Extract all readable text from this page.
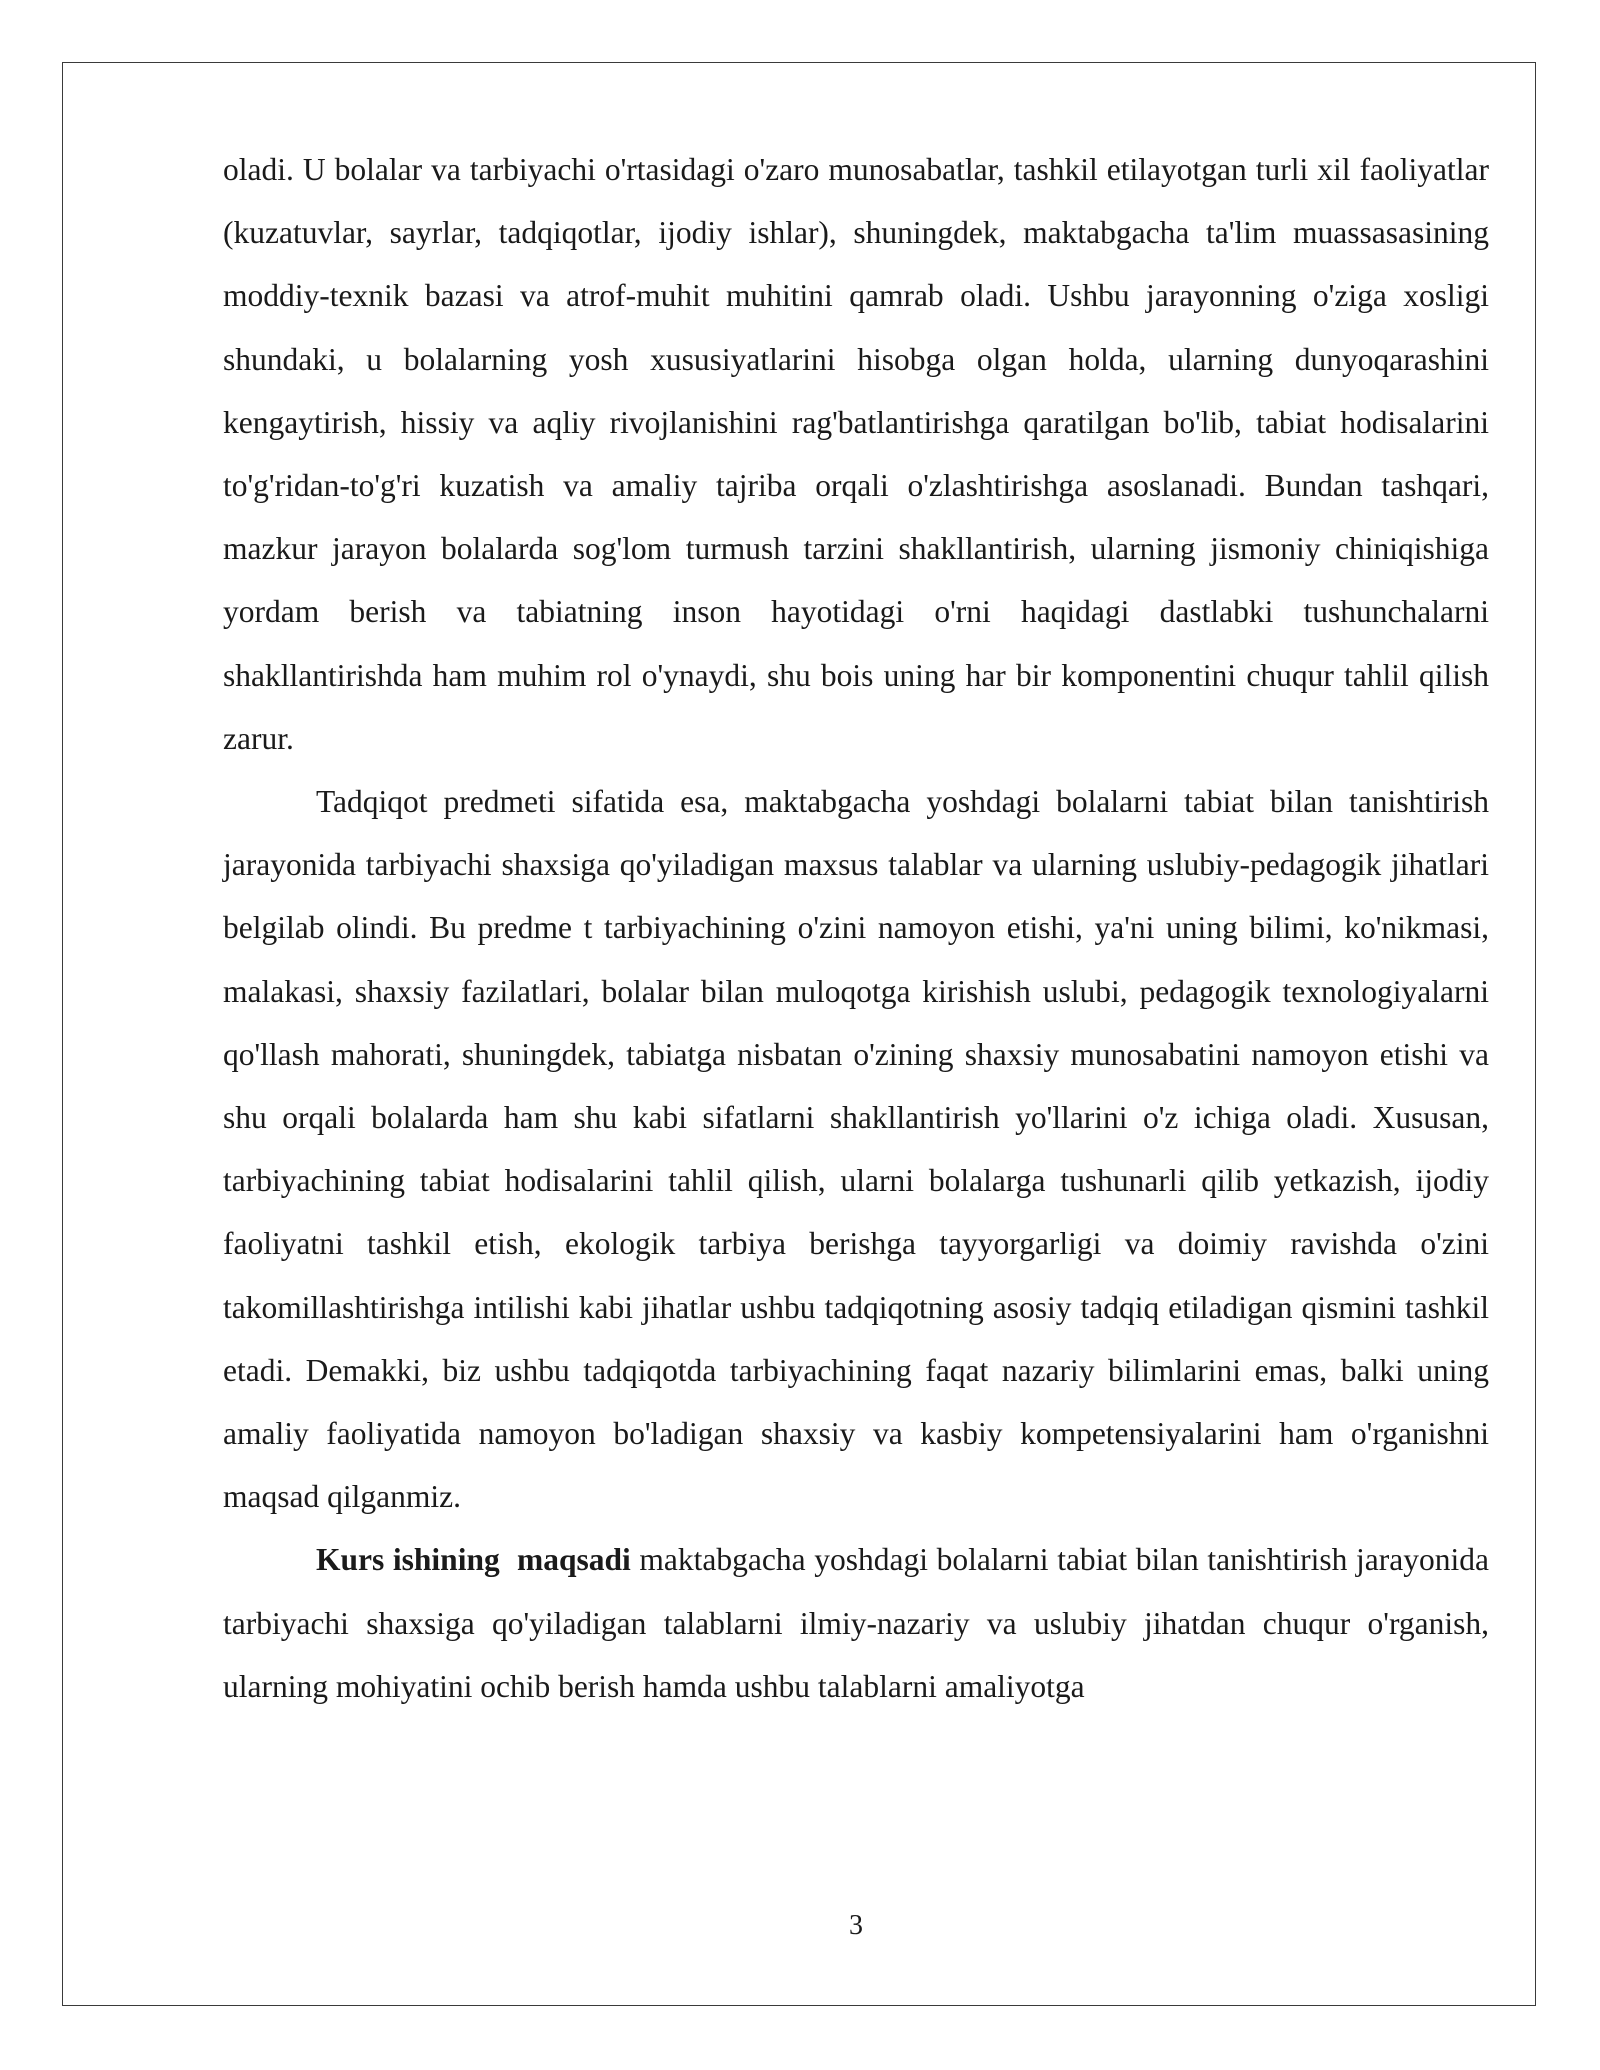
oladi. U bolalar va tarbiyachi o'rtasidagi o'zaro munosabatlar, tashkil etilayotgan turli xil faoliyatlar (kuzatuvlar, sayrlar, tadqiqotlar, ijodiy ishlar), shuningdek, maktabgacha ta'lim muassasasining moddiy-texnik bazasi va atrof-muhit muhitini qamrab oladi. Ushbu jarayonning o'ziga xosligi shundaki, u bolalarning yosh xususiyatlarini hisobga olgan holda, ularning dunyoqarashini kengaytirish, hissiy va aqliy rivojlanishini rag'batlantirishga qaratilgan bo'lib, tabiat hodisalarini to'g'ridan-to'g'ri kuzatish va amaliy tajriba orqali o'zlashtirishga asoslanadi. Bundan tashqari, mazkur jarayon bolalarda sog'lom turmush tarzini shakllantirish, ularning jismoniy chiniqishiga yordam berish va tabiatning inson hayotidagi o'rni haqidagi dastlabki tushunchalarni shakllantirishda ham muhim rol o'ynaydi, shu bois uning har bir komponentini chuqur tahlil qilish zarur.

Tadqiqot predmeti sifatida esa, maktabgacha yoshdagi bolalarni tabiat bilan tanishtirish jarayonida tarbiyachi shaxsiga qo'yiladigan maxsus talablar va ularning uslubiy-pedagogik jihatlari belgilab olindi. Bu predme t tarbiyachining o'zini namoyon etishi, ya'ni uning bilimi, ko'nikmasi, malakasi, shaxsiy fazilatlari, bolalar bilan muloqotga kirishish uslubi, pedagogik texnologiyalarni qo'llash mahorati, shuningdek, tabiatga nisbatan o'zining shaxsiy munosabatini namoyon etishi va shu orqali bolalarda ham shu kabi sifatlarni shakllantirish yo'llarini o'z ichiga oladi. Xususan, tarbiyachining tabiat hodisalarini tahlil qilish, ularni bolalarga tushunarli qilib yetkazish, ijodiy faoliyatni tashkil etish, ekologik tarbiya berishga tayyorgarligi va doimiy ravishda o'zini takomillashtirishga intilishi kabi jihatlar ushbu tadqiqotning asosiy tadqiq etiladigan qismini tashkil etadi. Demakki, biz ushbu tadqiqotda tarbiyachining faqat nazariy bilimlarini emas, balki uning amaliy faoliyatida namoyon bo'ladigan shaxsiy va kasbiy kompetensiyalarini ham o'rganishni maqsad qilganmiz.

Kurs ishining  maqsadi maktabgacha yoshdagi bolalarni tabiat bilan tanishtirish jarayonida tarbiyachi shaxsiga qo'yiladigan talablarni ilmiy-nazariy va uslubiy jihatdan chuqur o'rganish, ularning mohiyatini ochib berish hamda ushbu talablarni amaliyotga

3
